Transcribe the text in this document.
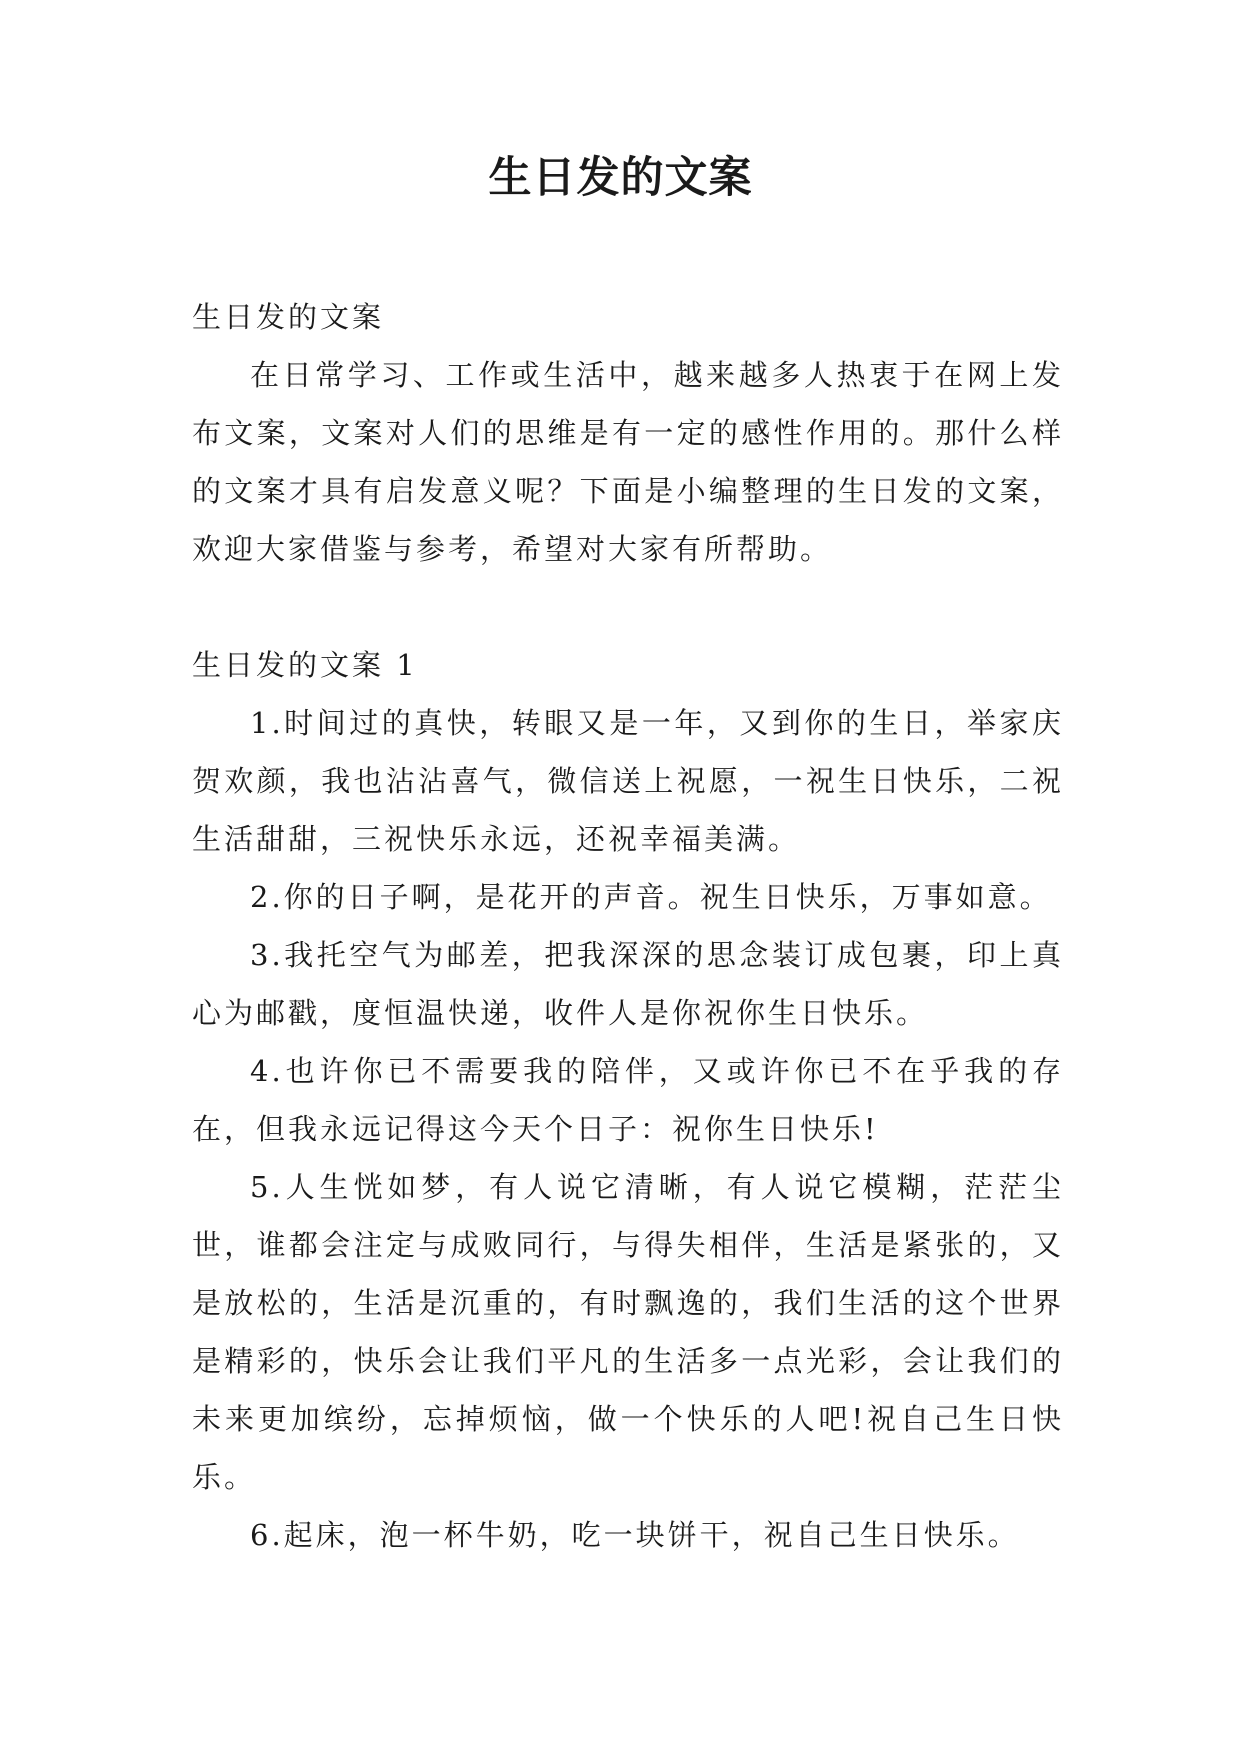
生日发的文案

生日发的文案

在日常学习、工作或生活中，越来越多人热衷于在网上发布文案，文案对人们的思维是有一定的感性作用的。那什么样的文案才具有启发意义呢？下面是小编整理的生日发的文案，欢迎大家借鉴与参考，希望对大家有所帮助。

生日发的文案 1

1.时间过的真快，转眼又是一年，又到你的生日，举家庆贺欢颜，我也沾沾喜气，微信送上祝愿，一祝生日快乐，二祝生活甜甜，三祝快乐永远，还祝幸福美满。

2.你的日子啊，是花开的声音。祝生日快乐，万事如意。

3.我托空气为邮差，把我深深的思念装订成包裹，印上真心为邮戳，度恒温快递，收件人是你祝你生日快乐。

4.也许你已不需要我的陪伴，又或许你已不在乎我的存在，但我永远记得这今天个日子：祝你生日快乐!

5.人生恍如梦，有人说它清晰，有人说它模糊，茫茫尘世，谁都会注定与成败同行，与得失相伴，生活是紧张的，又是放松的，生活是沉重的，有时飘逸的，我们生活的这个世界是精彩的，快乐会让我们平凡的生活多一点光彩，会让我们的未来更加缤纷，忘掉烦恼，做一个快乐的人吧!祝自己生日快乐。

6.起床，泡一杯牛奶，吃一块饼干，祝自己生日快乐。
